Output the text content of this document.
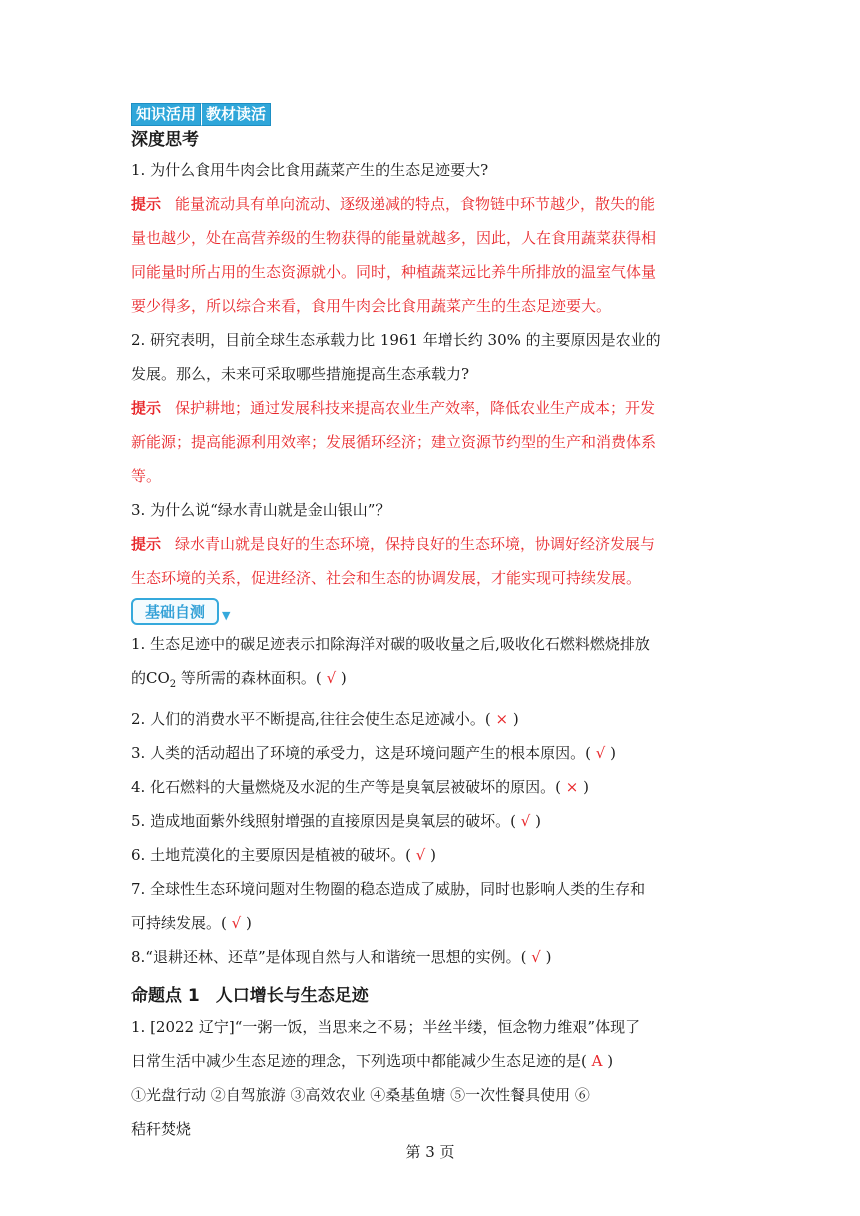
知识活用 教材读活
深度思考
1. 为什么食用牛肉会比食用蔬菜产生的生态足迹要大?
提示 能量流动具有单向流动、逐级递减的特点，食物链中环节越少，散失的能
量也越少，处在高营养级的生物获得的能量就越多，因此，人在食用蔬菜获得相
同能量时所占用的生态资源就小。同时，种植蔬菜远比养牛所排放的温室气体量
要少得多，所以综合来看，食用牛肉会比食用蔬菜产生的生态足迹要大。
2. 研究表明，目前全球生态承载力比 1961 年增长约 30% 的主要原因是农业的
发展。那么，未来可采取哪些措施提高生态承载力?
提示 保护耕地；通过发展科技来提高农业生产效率，降低农业生产成本；开发
新能源；提高能源利用效率；发展循环经济；建立资源节约型的生产和消费体系
等。
3. 为什么说“绿水青山就是金山银山”？
提示 绿水青山就是良好的生态环境，保持良好的生态环境，协调好经济发展与
生态环境的关系，促进经济、社会和生态的协调发展，才能实现可持续发展。
基础自测	▼
1. 生态足迹中的碳足迹表示扣除海洋对碳的吸收量之后,吸收化石燃料燃烧排放
的$CO_2$ 等所需的森林面积。( √ )
2. 人们的消费水平不断提高,往往会使生态足迹减小。( × )
3. 人类的活动超出了环境的承受力，这是环境问题产生的根本原因。( √ )
4. 化石燃料的大量燃烧及水泥的生产等是臭氧层被破坏的原因。( × )
5. 造成地面紫外线照射增强的直接原因是臭氧层的破坏。( √ )
6. 土地荒漠化的主要原因是植被的破坏。( √ )
7. 全球性生态环境问题对生物圈的稳态造成了威胁，同时也影响人类的生存和
可持续发展。( √ )
8.“退耕还林、还草”是体现自然与人和谐统一思想的实例。( √ )
命题点 1 人口增长与生态足迹
1. [2022 辽宁]“一粥一饭，当思来之不易；半丝半缕，恒念物力维艰”体现了
日常生活中减少生态足迹的理念，下列选项中都能减少生态足迹的是( A )
①光盘行动 ②自驾旅游 ③高效农业 ④桑基鱼塘 ⑤一次性餐具使用 ⑥
秸秆焚烧
第 3 页
